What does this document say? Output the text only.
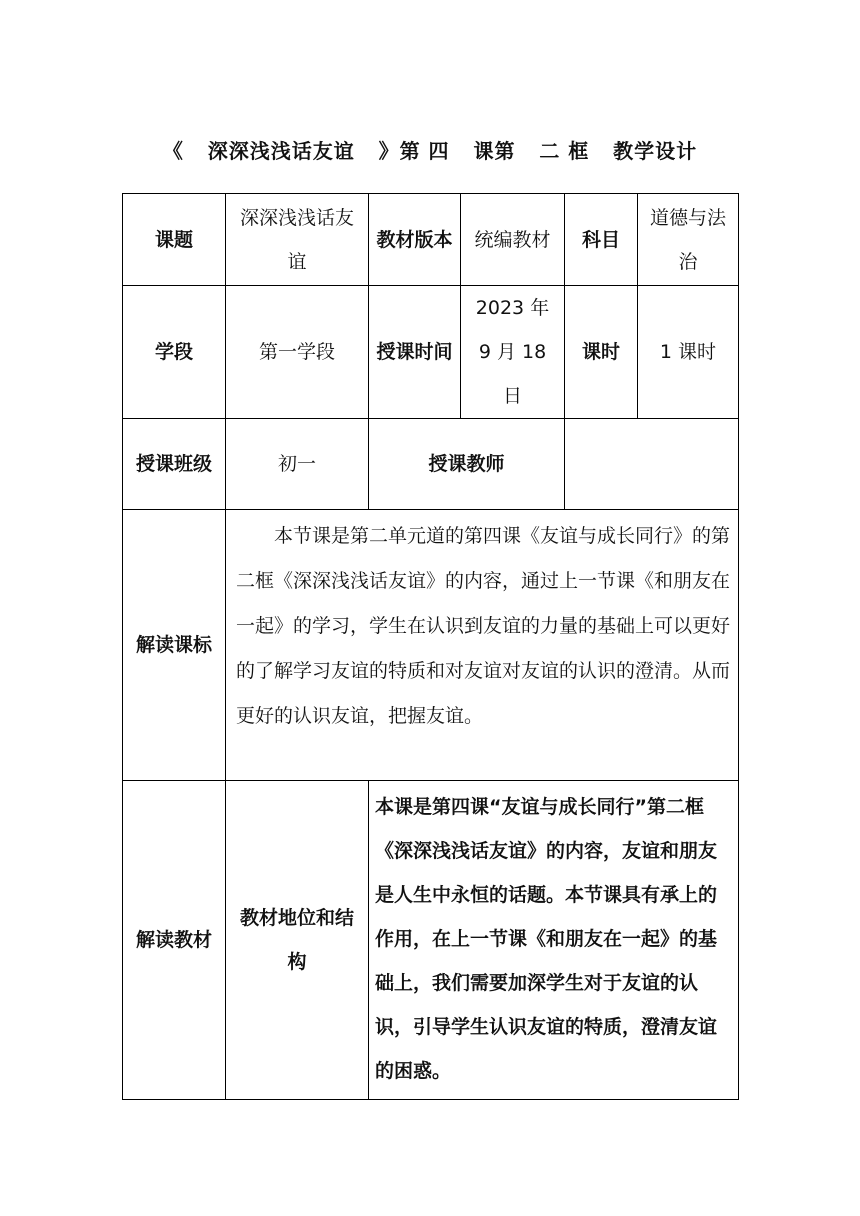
《   深深浅浅话友谊   》第 四   课第   二 框   教学设计
课题	深深浅浅话友谊	教材版本	统编教材	科目	道德与法治
学段	第一学段	授课时间	2023 年 9 月 18 日	课时	1 课时
授课班级	初一	授课教师			
解读课标	本节课是第二单元道的第四课《友谊与成长同行》的第二框《深深浅浅话友谊》的内容，通过上一节课《和朋友在一起》的学习，学生在认识到友谊的力量的基础上可以更好的了解学习友谊的特质和对友谊对友谊的认识的澄清。从而更好的认识友谊，把握友谊。				
解读教材	教材地位和结构	本课是第四课“友谊与成长同行”第二框《深深浅浅话友谊》的内容，友谊和朋友是人生中永恒的话题。本节课具有承上的作用，在上一节课《和朋友在一起》的基础上，我们需要加深学生对于友谊的认识，引导学生认识友谊的特质，澄清友谊的困惑。			
